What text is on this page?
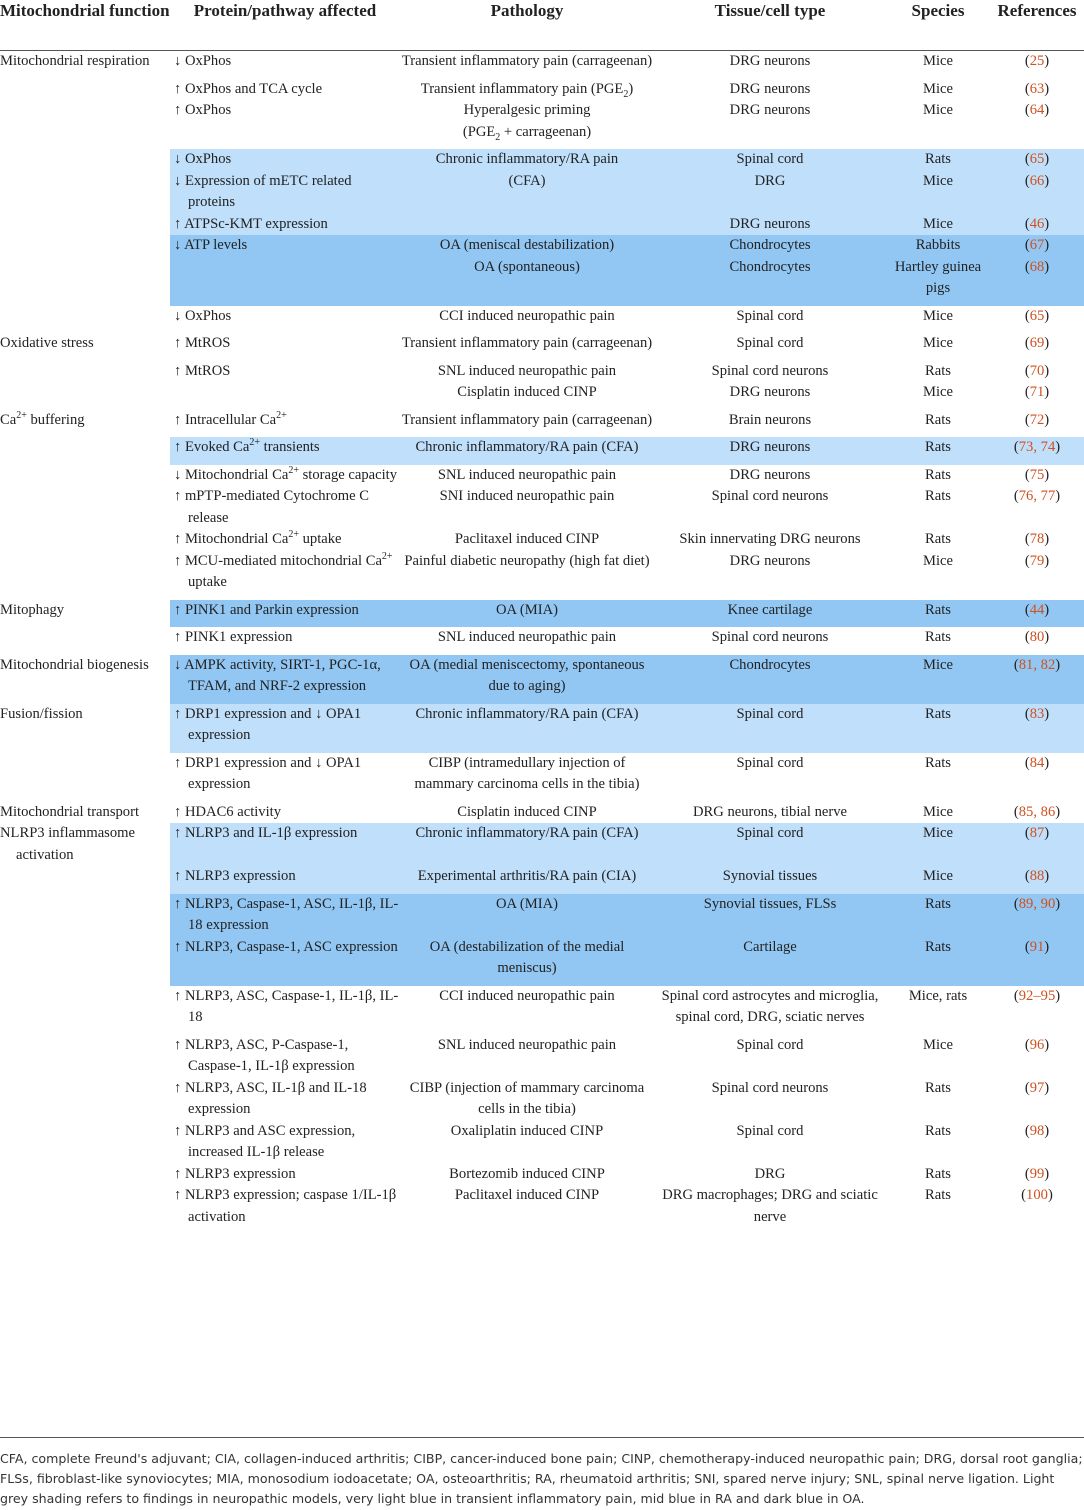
Mitochondrial function	Protein/pathway affected	Pathology	Tissue/cell type	Species	References

Mitochondrial respiration	↓ OxPhos	Transient inflammatory pain (carrageenan)	DRG neurons	Mice	(25)

	↑ OxPhos and TCA cycle	Transient inflammatory pain $(PGE_2)$	DRG neurons	Mice	(63)

	↑ OxPhos	Hyperalgesic priming
($PGE_2$ + carrageenan)	DRG neurons	Mice	(64)

	↓ OxPhos	Chronic inflammatory/RA pain	Spinal cord	Rats	(65)

	↓ Expression of mETC related proteins	(CFA)	DRG	Mice	(66)

	↑ ATPSc-KMT expression		DRG neurons	Mice	(46)

	↓ ATP levels	OA (meniscal destabilization)	Chondrocytes	Rabbits	(67)

	OA (spontaneous)	Chondrocytes	Hartley guinea pigs	(68)

	↓ OxPhos	CCI induced neuropathic pain	Spinal cord	Mice	(65)

Oxidative stress	↑ MtROS	Transient inflammatory pain (carrageenan)	Spinal cord	Mice	(69)

	↑ MtROS	SNL induced neuropathic pain	Spinal cord neurons	Rats	(70)
		Cisplatin induced CINP	DRG neurons	Mice	(71)
$Ca^{2+}$ buffering	↑ Intracellular $Ca^{2+}$	Transient inflammatory pain (carrageenan)	Brain neurons	Rats	(72)

	↑ Evoked $Ca^{2+}$ transients	Chronic inflammatory/RA pain (CFA)	DRG neurons	Rats	(73, 74)

	↓ Mitochondrial $Ca^{2+}$ storage capacity	SNL induced neuropathic pain	DRG neurons	Rats	(75)

	↑ mPTP-mediated Cytochrome C release	SNI induced neuropathic pain	Spinal cord neurons	Rats	(76, 77)

	↑ Mitochondrial $Ca^{2+}$ uptake	Paclitaxel induced CINP	Skin innervating DRG neurons	Rats	(78)

	↑ MCU-mediated mitochondrial $Ca^{2+}$ uptake	Painful diabetic neuropathy (high fat diet)	DRG neurons	Mice	(79)

Mitophagy	↑ PINK1 and Parkin expression	OA (MIA)	Knee cartilage	Rats	(44)

	↑ PINK1 expression	SNL induced neuropathic pain	Spinal cord neurons	Rats	(80)

Mitochondrial biogenesis	↓ AMPK activity, SIRT-1, PGC-1α, TFAM, and NRF-2 expression	OA (medial meniscectomy, spontaneous due to aging)	Chondrocytes	Mice	(81, 82)

Fusion/fission	↑ DRP1 expression and ↓ OPA1 expression	Chronic inflammatory/RA pain (CFA)	Spinal cord	Rats	(83)

	↑ DRP1 expression and ↓ OPA1 expression	CIBP (intramedullary injection of mammary carcinoma cells in the tibia)	Spinal cord	Rats	(84)

Mitochondrial transport	↑ HDAC6 activity	Cisplatin induced CINP	DRG neurons, tibial nerve	Mice	(85, 86)

NLRP3 inflammasome activation	↑ NLRP3 and IL-1β expression	Chronic inflammatory/RA pain (CFA)	Spinal cord	Mice	(87)

	↑ NLRP3 expression	Experimental arthritis/RA pain (CIA)	Synovial tissues	Mice	(88)

	↑ NLRP3, Caspase-1, ASC, IL-1β, IL-18 expression	OA (MIA)	Synovial tissues, FLSs	Rats	(89, 90)

	↑ NLRP3, Caspase-1, ASC expression	OA (destabilization of the medial meniscus)	Cartilage	Rats	(91)

	↑ NLRP3, ASC, Caspase-1, IL-1β, IL-18	CCI induced neuropathic pain	Spinal cord astrocytes and microglia, spinal cord, DRG, sciatic nerves	Mice, rats	(92–95)

	↑ NLRP3, ASC, P-Caspase-1, Caspase-1, IL-1β expression	SNL induced neuropathic pain	Spinal cord	Mice	(96)

	↑ NLRP3, ASC, IL-1β and IL-18 expression	CIBP (injection of mammary carcinoma cells in the tibia)	Spinal cord neurons	Rats	(97)

	↑ NLRP3 and ASC expression, increased IL-1β release	Oxaliplatin induced CINP	Spinal cord	Rats	(98)

	↑ NLRP3 expression	Bortezomib induced CINP	DRG	Rats	(99)

	↑ NLRP3 expression; caspase 1/IL-1β activation	Paclitaxel induced CINP	DRG macrophages; DRG and sciatic nerve	Rats	(100)
CFA, complete Freund's adjuvant; CIA, collagen-induced arthritis; CIBP, cancer-induced bone pain; CINP, chemotherapy-induced neuropathic pain; DRG, dorsal root ganglia; FLSs, fibroblast-like synoviocytes; MIA, monosodium iodoacetate; OA, osteoarthritis; RA, rheumatoid arthritis; SNI, spared nerve injury; SNL, spinal nerve ligation. Light grey shading refers to findings in neuropathic models, very light blue in transient inflammatory pain, mid blue in RA and dark blue in OA.
